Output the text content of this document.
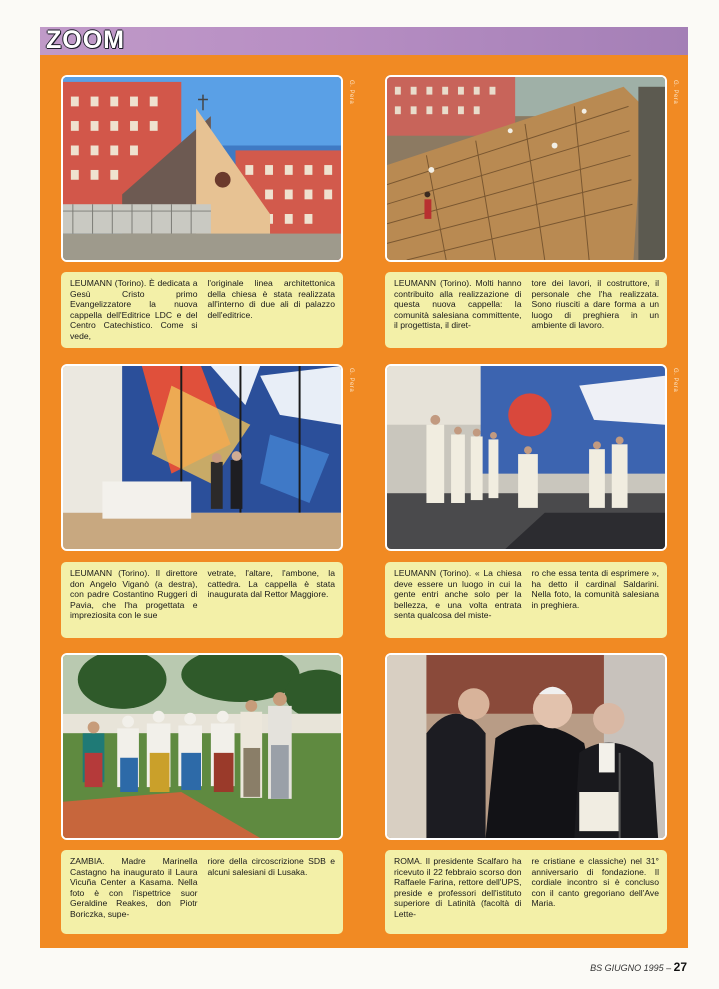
ZOOM
G. Pera	G. Pera
LEUMANN (Torino). È dedicata a Gesù Cristo primo Evangelizzatore la nuova cappella dell'Editrice LDC e del Centro Catechistico. Come si vede,
l'originale linea architettonica della chiesa è stata realizzata all'interno di due ali di palazzo dell'editrice.
LEUMANN (Torino). Molti hanno contribuito alla realizzazione di questa nuova cappella: la comunità salesiana committente, il progettista, il diret-
tore dei lavori, il costruttore, il personale che l'ha realizzata. Sono riusciti a dare forma a un luogo di preghiera in un ambiente di lavoro.
G. Pera	G. Pera
LEUMANN (Torino). Il direttore don Angelo Viganò (a destra), con padre Costantino Ruggeri di Pavia, che l'ha progettata e impreziosita con le sue
vetrate, l'altare, l'ambone, la cattedra. La cappella è stata inaugurata dal Rettor Maggiore.
LEUMANN (Torino). « La chiesa deve essere un luogo in cui la gente entri anche solo per la bellezza, e una volta entrata senta qualcosa del miste-
ro che essa tenta di esprimere », ha detto il cardinal Saldarini. Nella foto, la comunità salesiana in preghiera.
ZAMBIA. Madre Marinella Castagno ha inaugurato il Laura Vicuña Center a Kasama. Nella foto è con l'ispettrice suor Geraldine Reakes, don Piotr Boriczka, supe-
riore della circoscrizione SDB e alcuni salesiani di Lusaka.
ROMA. Il presidente Scalfaro ha ricevuto il 22 febbraio scorso don Raffaele Farina, rettore dell'UPS, preside e professori dell'istituto superiore di Latinità (facoltà di Lette-
re cristiane e classiche) nel 31° anniversario di fondazione. Il cordiale incontro si è concluso con il canto gregoriano dell'Ave Maria.
BS GIUGNO 1995 – 27
